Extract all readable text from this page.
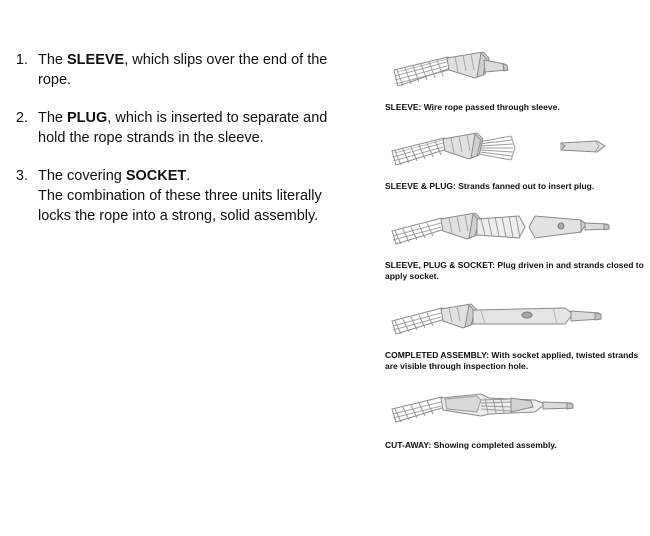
1. The SLEEVE, which slips over the end of the rope.
2. The PLUG, which is inserted to separate and hold the rope strands in the sleeve.
3. The covering SOCKET.
The combination of these three units literally locks the rope into a strong, solid assembly.
SLEEVE: Wire rope passed through sleeve.
SLEEVE & PLUG: Strands fanned out to insert plug.
SLEEVE, PLUG & SOCKET: Plug driven in and strands closed to apply socket.
COMPLETED ASSEMBLY: With socket applied, twisted strands are visible through inspection hole.
CUT-AWAY: Showing completed assembly.
